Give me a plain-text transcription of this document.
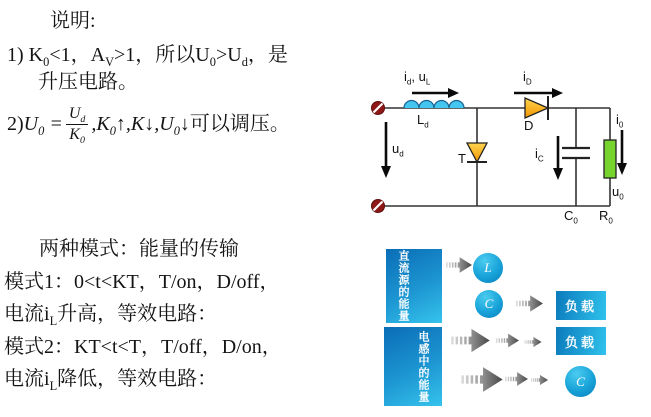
说明:
1) $K_0<1$，$A_V>1$，所以$U_0>U_d$，是
升压电路。
2) $U_0 = \frac{U_d}{K_0}$ $,K_0↑,K↓,U_0↓$ 可以调压。
两种模式：能量的传输
模式1：0<t<KT，T/on，D/off，
电流$i_L$升高，等效电路：
模式2：KT<t<T，T/off，D/on，
电流$i_L$降低，等效电路：
$i_d$, $u_L$
$L_d$
$u_d$	T
$i_D$
D
$i_C$
$C_0$ $R_0$
$i_0$
$u_0$
直流源的能量
电感中的能量
L
C
C
负载
负载
